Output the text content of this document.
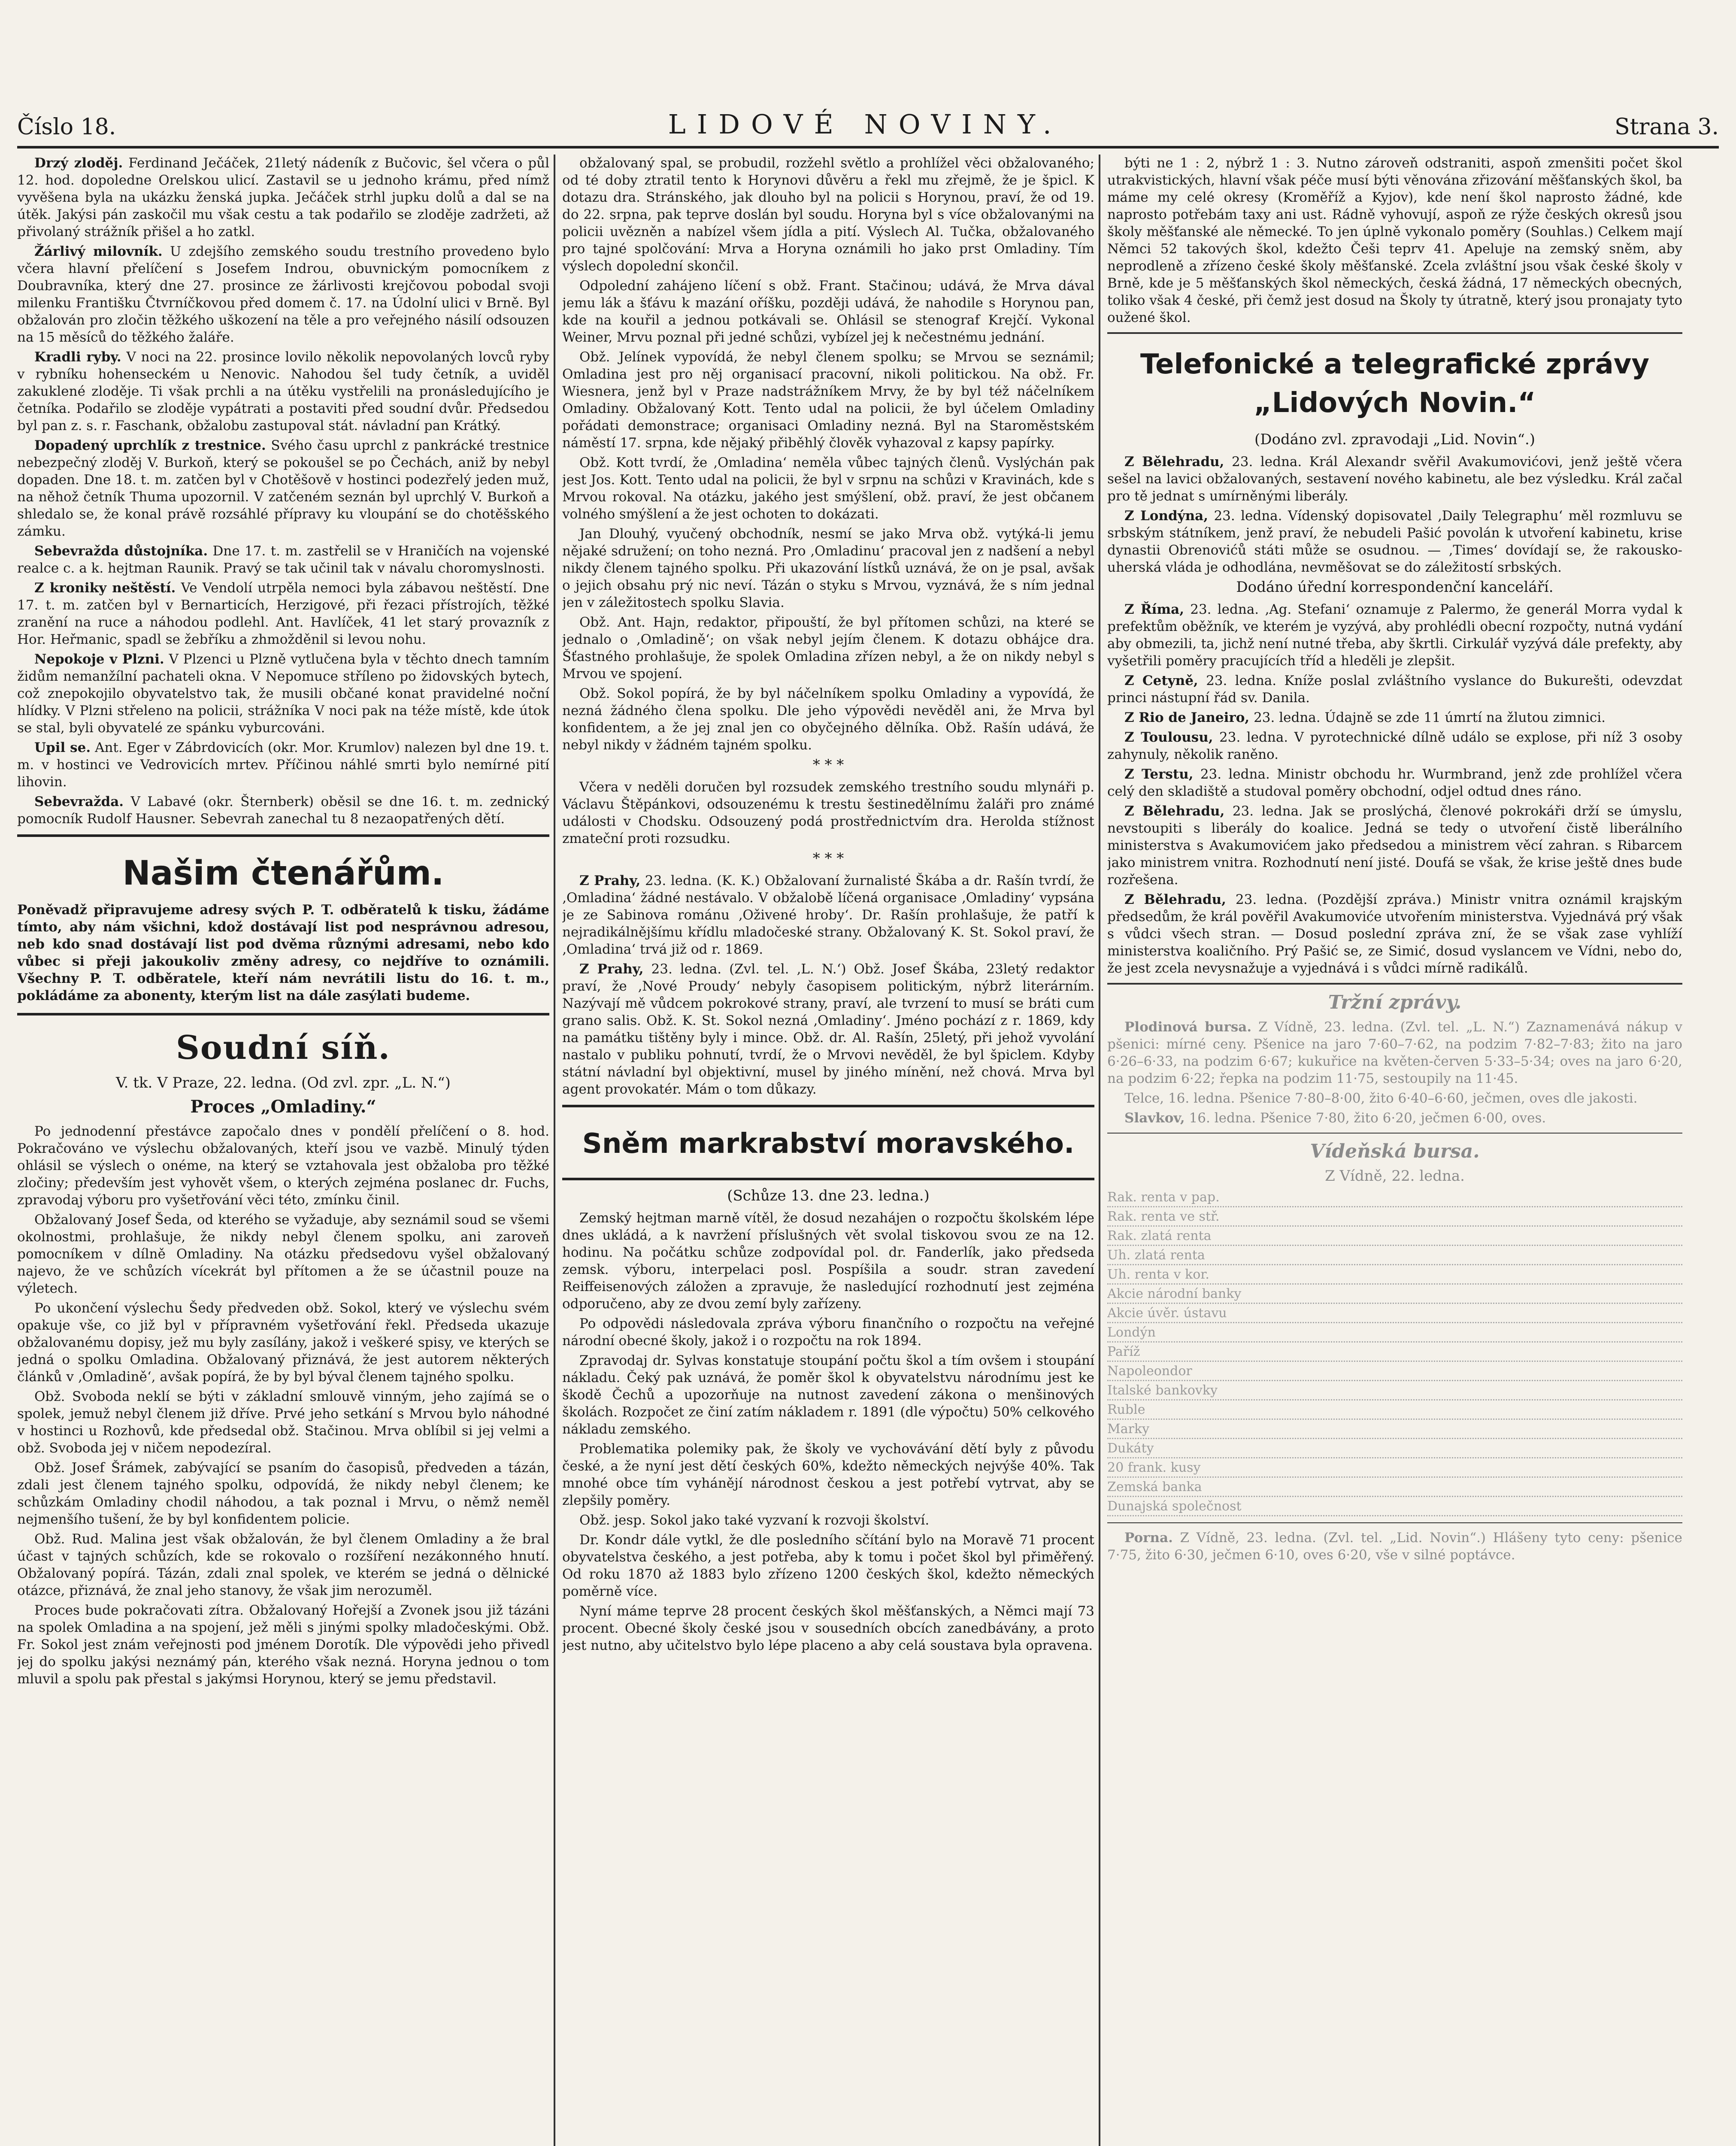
Číslo 18.	LIDOVÉ NOVINY.	Strana 3.

Drzý zloděj. Ferdinand Ječáček, 21letý nádeník z Bučovic, šel včera o půl 12. hod. dopoledne Orelskou ulicí. Zastavil se u jednoho krámu, před nímž vyvěšena byla na ukázku ženská jupka. Ječáček strhl jupku dolů a dal se na útěk. Jakýsi pán zaskočil mu však cestu a tak podařilo se zloděje zadržeti, až přivolaný strážník přišel a ho zatkl.

Žárlivý milovník. U zdejšího zemského soudu trestního provedeno bylo včera hlavní přelíčení s Josefem Indrou, obuvnickým pomocníkem z Doubravníka, který dne 27. prosince ze žárlivosti krejčovou pobodal svoji milenku Františku Čtvrníčkovou před domem č. 17. na Údolní ulici v Brně. Byl obžalován pro zločin těžkého uškození na těle a pro veřejného násilí odsouzen na 15 měsíců do těžkého žaláře.

Kradli ryby. V noci na 22. prosince lovilo několik nepovolaných lovců ryby v rybníku hohenseckém u Nenovic. Nahodou šel tudy četník, a uviděl zakuklené zloděje. Ti však prchli a na útěku vystřelili na pronásledujícího je četníka. Podařilo se zloděje vypátrati a postaviti před soudní dvůr. Předsedou byl pan z. s. r. Faschank, obžalobu zastupoval stát. návladní pan Krátký.

Dopadený uprchlík z trestnice. Svého času uprchl z pankrácké trestnice nebezpečný zloděj V. Burkoň, který se pokoušel se po Čechách, aniž by nebyl dopaden. Dne 18. t. m. zatčen byl v Chotěšově v hostinci podezřelý jeden muž, na něhož četník Thuma upozornil. V zatčeném seznán byl uprchlý V. Burkoň a shledalo se, že konal právě rozsáhlé přípravy ku vloupání se do chotěšského zámku.

Sebevražda důstojníka. Dne 17. t. m. zastřelil se v Hraničích na vojenské realce c. a k. hejtman Raunik. Pravý se tak učinil tak v návalu choromyslnosti.

Z kroniky neštěstí. Ve Vendolí utrpěla nemoci byla zábavou neštěstí. Dne 17. t. m. zatčen byl v Bernarticích, Herzigové, při řezaci přístrojích, těžké zranění na ruce a náhodou podlehl. Ant. Havlíček, 41 let starý provazník z Hor. Heřmanic, spadl se žebříku a zhmožděnil si levou nohu.

Nepokoje v Plzni. V Plzenci u Plzně vytlučena byla v těchto dnech tamním židům nemanžílní pachateli okna. V Nepomuce stříleno po židovských bytech, což znepokojilo obyvatelstvo tak, že musili občané konat pravidelné noční hlídky. V Plzni střeleno na policii, strážníka V noci pak na téže místě, kde útok se stal, byli obyvatelé ze spánku vyburcováni.

Upil se. Ant. Eger v Zábrdovicích (okr. Mor. Krumlov) nalezen byl dne 19. t. m. v hostinci ve Vedrovicích mrtev. Příčinou náhlé smrti bylo nemírné pití lihovin.

Sebevražda. V Labavé (okr. Šternberk) oběsil se dne 16. t. m. zednický pomocník Rudolf Hausner. Sebevrah zanechal tu 8 nezaopatřených dětí.

Našim čtenářům.

Poněvadž připravujeme adresy svých P. T. odběratelů k tisku, žádáme tímto, aby nám všichni, kdož dostávají list pod nesprávnou adresou, neb kdo snad dostávají list pod dvěma různými adresami, nebo kdo vůbec si přeji jakoukoliv změny adresy, co nejdříve to oznámili. Všechny P. T. odběratele, kteří nám nevrátili listu do 16. t. m., pokládáme za abonenty, kterým list na dále zasýlati budeme.

Soudní síň.
V. tk. V Praze, 22. ledna. (Od zvl. zpr. „L. N.“)
Proces „Omladiny.“

Po jednodenní přestávce započalo dnes v pondělí přelíčení o 8. hod. Pokračováno ve výslechu obžalovaných, kteří jsou ve vazbě. Minulý týden ohlásil se výslech o onéme, na který se vztahovala jest obžaloba pro těžké zločiny; především jest vyhovět všem, o kterých zejména poslanec dr. Fuchs, zpravodaj výboru pro vyšetřování věci této, zmínku činil.

Obžalovaný Josef Šeda, od kterého se vyžaduje, aby seznámil soud se všemi okolnostmi, prohlašuje, že nikdy nebyl členem spolku, ani zaroveň pomocníkem v dílně Omladiny. Na otázku předsedovu vyšel obžalovaný najevo, že ve schůzích vícekrát byl přítomen a že se účastnil pouze na výletech.

Po ukončení výslechu Šedy předveden obž. Sokol, který ve výslechu svém opakuje vše, co již byl v přípravném vyšetřování řekl. Předseda ukazuje obžalovanému dopisy, jež mu byly zasílány, jakož i veškeré spisy, ve kterých se jedná o spolku Omladina. Obžalovaný přiznává, že jest autorem některých článků v ‚Omladině‘, avšak popírá, že by byl býval členem tajného spolku.

Obž. Svoboda neklí se býti v základní smlouvě vinným, jeho zajímá se o spolek, jemuž nebyl členem již dříve. Prvé jeho setkání s Mrvou bylo náhodné v hostinci u Rozhovů, kde předsedal obž. Stačinou. Mrva oblíbil si jej velmi a obž. Svoboda jej v ničem nepodezíral.

Obž. Josef Šrámek, zabývající se psaním do časopisů, předveden a tázán, zdali jest členem tajného spolku, odpovídá, že nikdy nebyl členem; ke schůzkám Omladiny chodil náhodou, a tak poznal i Mrvu, o němž neměl nejmenšího tušení, že by byl konfidentem policie.

Obž. Rud. Malina jest však obžalován, že byl členem Omladiny a že bral účast v tajných schůzích, kde se rokovalo o rozšíření nezákonného hnutí. Obžalovaný popírá. Tázán, zdali znal spolek, ve kterém se jedná o dělnické otázce, přiznává, že znal jeho stanovy, že však jim nerozuměl.

Proces bude pokračovati zítra. Obžalovaný Hořejší a Zvonek jsou již tázáni na spolek Omladina a na spojení, jež měli s jinými spolky mladočeskými. Obž. Fr. Sokol jest znám veřejnosti pod jménem Dorotík. Dle výpovědi jeho přivedl jej do spolku jakýsi neznámý pán, kterého však nezná. Horyna jednou o tom mluvil a spolu pak přestal s jakýmsi Horynou, který se jemu představil.

obžalovaný spal, se probudil, rozžehl světlo a prohlížel věci obžalovaného; od té doby ztratil tento k Horynovi důvěru a řekl mu zřejmě, že je špicl. K dotazu dra. Stránského, jak dlouho byl na policii s Horynou, praví, že od 19. do 22. srpna, pak teprve doslán byl soudu. Horyna byl s více obžalovanými na policii uvězněn a nabízel všem jídla a pití. Výslech Al. Tučka, obžalovaného pro tajné spolčování: Mrva a Horyna oznámili ho jako prst Omladiny. Tím výslech dopolední skončil.

Odpolední zahájeno líčení s obž. Frant. Stačinou; udává, že Mrva dával jemu lák a šťávu k mazání oříšku, později udává, že nahodile s Horynou pan, kde na kouřil a jednou potkávali se. Ohlásil se stenograf Krejčí. Vykonal Weiner, Mrvu poznal při jedné schůzi, vybízel jej k nečestnému jednání.

Obž. Jelínek vypovídá, že nebyl členem spolku; se Mrvou se seznámil; Omladina jest pro něj organisací pracovní, nikoli politickou. Na obž. Fr. Wiesnera, jenž byl v Praze nadstrážníkem Mrvy, že by byl též náčelníkem Omladiny. Obžalovaný Kott. Tento udal na policii, že byl účelem Omladiny pořádati demonstrace; organisaci Omladiny nezná. Byl na Staroměstském náměstí 17. srpna, kde nějaký přiběhlý člověk vyhazoval z kapsy papírky.

Obž. Kott tvrdí, že ‚Omladina‘ neměla vůbec tajných členů. Vyslýchán pak jest Jos. Kott. Tento udal na policii, že byl v srpnu na schůzi v Kravinách, kde s Mrvou rokoval. Na otázku, jakého jest smýšlení, obž. praví, že jest občanem volného smýšlení a že jest ochoten to dokázati.

Jan Dlouhý, vyučený obchodník, nesmí se jako Mrva obž. vytýká-li jemu nějaké sdružení; on toho nezná. Pro ‚Omladinu‘ pracoval jen z nadšení a nebyl nikdy členem tajného spolku. Při ukazování lístků uznává, že on je psal, avšak o jejich obsahu prý nic neví. Tázán o styku s Mrvou, vyznává, že s ním jednal jen v záležitostech spolku Slavia.

Obž. Ant. Hajn, redaktor, připouští, že byl přítomen schůzi, na které se jednalo o ‚Omladině‘; on však nebyl jejím členem. K dotazu obhájce dra. Šťastného prohlašuje, že spolek Omladina zřízen nebyl, a že on nikdy nebyl s Mrvou ve spojení.

Obž. Sokol popírá, že by byl náčelníkem spolku Omladiny a vypovídá, že nezná žádného člena spolku. Dle jeho výpovědi nevěděl ani, že Mrva byl konfidentem, a že jej znal jen co obyčejného dělníka. Obž. Rašín udává, že nebyl nikdy v žádném tajném spolku.

* * *

Včera v neděli doručen byl rozsudek zemského trestního soudu mlynáři p. Václavu Štěpánkovi, odsouzenému k trestu šestinedělnímu žaláři pro známé události v Chodsku. Odsouzený podá prostřednictvím dra. Herolda stížnost zmateční proti rozsudku.

* * *

Z Prahy, 23. ledna. (K. K.) Obžalovaní žurnalisté Škába a dr. Rašín tvrdí, že ‚Omladina‘ žádné nestávalo. V obžalobě líčená organisace ‚Omladiny‘ vypsána je ze Sabinova románu ‚Oživené hroby‘. Dr. Rašín prohlašuje, že patří k nejradikálnějšímu křídlu mladočeské strany. Obžalovaný K. St. Sokol praví, že ‚Omladina‘ trvá již od r. 1869.

Z Prahy, 23. ledna. (Zvl. tel. ‚L. N.‘) Obž. Josef Škába, 23letý redaktor praví, že ‚Nové Proudy‘ nebyly časopisem politickým, nýbrž literárním. Nazývají mě vůdcem pokrokové strany, praví, ale tvrzení to musí se bráti cum grano salis. Obž. K. St. Sokol nezná ‚Omladiny‘. Jméno pochází z r. 1869, kdy na památku tištěny byly i mince. Obž. dr. Al. Rašín, 25letý, při jehož vyvolání nastalo v publiku pohnutí, tvrdí, že o Mrvovi nevěděl, že byl špiclem. Kdyby státní návladní byl objektivní, musel by jiného mínění, než chová. Mrva byl agent provokatér. Mám o tom důkazy.

Sněm markrabství moravského.
(Schůze 13. dne 23. ledna.)

Zemský hejtman marně vítěl, že dosud nezahájen o rozpočtu školském lépe dnes ukládá, a k navržení příslušných vět svolal tiskovou svou ze na 12. hodinu. Na počátku schůze zodpovídal pol. dr. Fanderlík, jako předseda zemsk. výboru, interpelaci posl. Pospíšila a soudr. stran zavedení Reiffeisenových záložen a zpravuje, že nasledující rozhodnutí jest zejména odporučeno, aby ze dvou zemí byly zařízeny.

Po odpovědi následovala zpráva výboru finančního o rozpočtu na veřejné národní obecné školy, jakož i o rozpočtu na rok 1894.

Zpravodaj dr. Sylvas konstatuje stoupání počtu škol a tím ovšem i stoupání nákladu. Čeký pak uznává, že poměr škol k obyvatelstvu národnímu jest ke škodě Čechů a upozorňuje na nutnost zavedení zákona o menšinových školách. Rozpočet ze činí zatím nákladem r. 1891 (dle výpočtu) 50% celkového nákladu zemského.

Problematika polemiky pak, že školy ve vychovávání dětí byly z původu české, a že nyní jest dětí českých 60%, kdežto německých nejvýše 40%. Tak mnohé obce tím vyhánějí národnost českou a jest potřebí vytrvat, aby se zlepšily poměry.

Obž. jesp. Sokol jako také vyzvaní k rozvoji školství.

Dr. Kondr dále vytkl, že dle posledního sčítání bylo na Moravě 71 procent obyvatelstva českého, a jest potřeba, aby k tomu i počet škol byl přiměřený. Od roku 1870 až 1883 bylo zřízeno 1200 českých škol, kdežto německých poměrně více.

Nyní máme teprve 28 procent českých škol měšťanských, a Němci mají 73 procent. Obecné školy české jsou v sousedních obcích zanedbávány, a proto jest nutno, aby učitelstvo bylo lépe placeno a aby celá soustava byla opravena.

býti ne 1 : 2, nýbrž 1 : 3. Nutno zároveň odstraniti, aspoň zmenšiti počet škol utrakvistických, hlavní však péče musí býti věnována zřizování měšťanských škol, ba máme my celé okresy (Kroměříž a Kyjov), kde není škol naprosto žádné, kde naprosto potřebám taxy ani ust. Rádně vyhovují, aspoň ze rýže českých okresů jsou školy měšťanské ale německé. To jen úplně vykonalo poměry (Souhlas.) Celkem mají Němci 52 takových škol, kdežto Češi teprv 41. Apeluje na zemský sněm, aby neprodleně a zřízeno české školy měšťanské. Zcela zvláštní jsou však české školy v Brně, kde je 5 měšťanských škol německých, česká žádná, 17 německých obecných, toliko však 4 české, při čemž jest dosud na Školy ty útratně, který jsou pronajaty tyto oužené škol.

Telefonické a telegrafické zprávy „Lidových Novin.“
(Dodáno zvl. zpravodaji „Lid. Novin“.)

Z Bělehradu, 23. ledna. Král Alexandr svěřil Avakumovićovi, jenž ještě včera sešel na lavici obžalovaných, sestavení nového kabinetu, ale bez výsledku. Král začal pro tě jednat s umírněnými liberály.

Z Londýna, 23. ledna. Vídenský dopisovatel ‚Daily Telegraphu‘ měl rozmluvu se srbským státníkem, jenž praví, že nebudeli Pašić povolán k utvoření kabinetu, krise dynastii Obrenovićů státi může se osudnou. — ‚Times‘ dovídají se, že rakousko-uherská vláda je odhodlána, nevměšovat se do záležitostí srbských.

Dodáno úřední korrespondenční kanceláří.

Z Říma, 23. ledna. ‚Ag. Stefani‘ oznamuje z Palermo, že generál Morra vydal k prefektům oběžník, ve kterém je vyzývá, aby prohlédli obecní rozpočty, nutná vydání aby obmezili, ta, jichž není nutné třeba, aby škrtli. Cirkulář vyzývá dále prefekty, aby vyšetřili poměry pracujících tříd a hleděli je zlepšit.

Z Cetyně, 23. ledna. Kníže poslal zvláštního vyslance do Bukurešti, odevzdat princi nástupní řád sv. Danila.

Z Rio de Janeiro, 23. ledna. Údajně se zde 11 úmrtí na žlutou zimnici.

Z Toulousu, 23. ledna. V pyrotechnické dílně událo se explose, při níž 3 osoby zahynuly, několik raněno.

Z Terstu, 23. ledna. Ministr obchodu hr. Wurmbrand, jenž zde prohlížel včera celý den skladiště a studoval poměry obchodní, odjel odtud dnes ráno.

Z Bělehradu, 23. ledna. Jak se proslýchá, členové pokrokáři drží se úmyslu, nevstoupiti s liberály do koalice. Jedná se tedy o utvoření čistě liberálního ministerstva s Avakumovićem jako předsedou a ministrem věcí zahran. s Ribarcem jako ministrem vnitra. Rozhodnutí není jisté. Doufá se však, že krise ještě dnes bude rozřešena.

Z Bělehradu, 23. ledna. (Pozdější zpráva.) Ministr vnitra oznámil krajským předsedům, že král pověřil Avakumoviće utvořením ministerstva. Vyjednává prý však s vůdci všech stran. — Dosud poslední zpráva zní, že se však zase vyhlíží ministerstva koaličního. Prý Pašić se, ze Simić, dosud vyslancem ve Vídni, nebo do, že jest zcela nevysnažuje a vyjednává i s vůdci mírně radikálů.

Tržní zprávy.

Plodinová bursa. Z Vídně, 23. ledna. (Zvl. tel. „L. N.“) Zaznamenává nákup v pšenici: mírné ceny. Pšenice na jaro 7·60–7·62, na podzim 7·82–7·83; žito na jaro 6·26–6·33, na podzim 6·67; kukuřice na květen-červen 5·33–5·34; oves na jaro 6·20, na podzim 6·22; řepka na podzim 11·75, sestoupily na 11·45.

Telce, 16. ledna. Pšenice 7·80–8·00, žito 6·40–6·60, ječmen, oves dle jakosti.

Slavkov, 16. ledna. Pšenice 7·80, žito 6·20, ječmen 6·00, oves.

Vídeňská bursa.
Z Vídně, 22. ledna.
Rak. renta v pap.
Rak. renta ve stř.
Rak. zlatá renta
Uh. zlatá renta
Uh. renta v kor.
Akcie národní banky
Akcie úvěr. ústavu
Londýn
Paříž
Napoleondor
Italské bankovky
Ruble
Marky
Dukáty
20 frank. kusy
Zemská banka
Dunajská společnost

Porna. Z Vídně, 23. ledna. (Zvl. tel. „Lid. Novin“.) Hlášeny tyto ceny: pšenice 7·75, žito 6·30, ječmen 6·10, oves 6·20, vše v silné poptávce.
